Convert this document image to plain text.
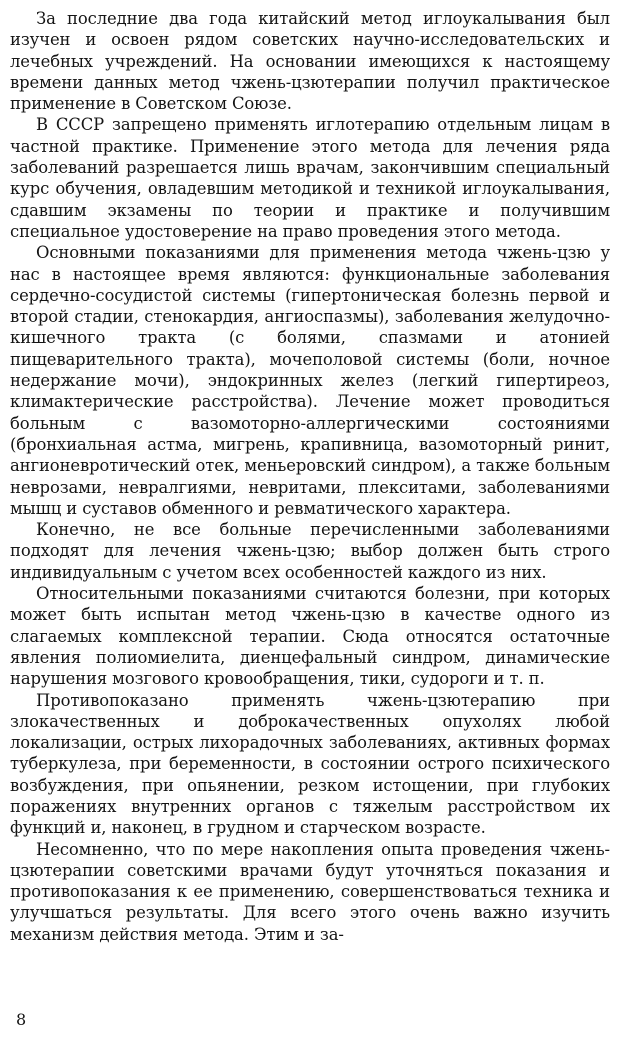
За последние два года китайский метод иглоукалывания был изучен и освоен рядом советских научно-исследовательских и лечебных учреждений. На основании имеющихся к настоящему времени данных метод чжень-цзютерапии получил практическое применение в Советском Союзе.

В СССР запрещено применять иглотерапию отдельным лицам в частной практике. Применение этого метода для лечения ряда заболеваний разрешается лишь врачам, закончившим специальный курс обучения, овладевшим методикой и техникой иглоукалывания, сдавшим экзамены по теории и практике и получившим специальное удостоверение на право проведения этого метода.

Основными показаниями для применения метода чжень-цзю у нас в настоящее время являются: функциональные заболевания сердечно-сосудистой системы (гипертоническая болезнь первой и второй стадии, стенокардия, ангиоспазмы), заболевания желудочно-кишечного тракта (с болями, спазмами и атонией пищеварительного тракта), мочеполовой системы (боли, ночное недержание мочи), эндокринных желез (легкий гипертиреоз, климактерические расстройства). Лечение может проводиться больным с вазомоторно-аллергическими состояниями (бронхиальная астма, мигрень, крапивница, вазомоторный ринит, ангионевротический отек, меньеровский синдром), а также больным неврозами, невралгиями, невритами, плекситами, заболеваниями мышц и суставов обменного и ревматического характера.

Конечно, не все больные перечисленными заболеваниями подходят для лечения чжень-цзю; выбор должен быть строго индивидуальным с учетом всех особенностей каждого из них.

Относительными показаниями считаются болезни, при которых может быть испытан метод чжень-цзю в качестве одного из слагаемых комплексной терапии. Сюда относятся остаточные явления полиомиелита, диенцефальный синдром, динамические нарушения мозгового кровообращения, тики, судороги и т. п.

Противопоказано применять чжень-цзютерапию при злокачественных и доброкачественных опухолях любой локализации, острых лихорадочных заболеваниях, активных формах туберкулеза, при беременности, в состоянии острого психического возбуждения, при опьянении, резком истощении, при глубоких поражениях внутренних органов с тяжелым расстройством их функций и, наконец, в грудном и старческом возрасте.

Несомненно, что по мере накопления опыта проведения чжень-цзютерапии советскими врачами будут уточняться показания и противопоказания к ее применению, совершенствоваться техника и улучшаться результаты. Для всего этого очень важно изучить механизм действия метода. Этим и за-

8
